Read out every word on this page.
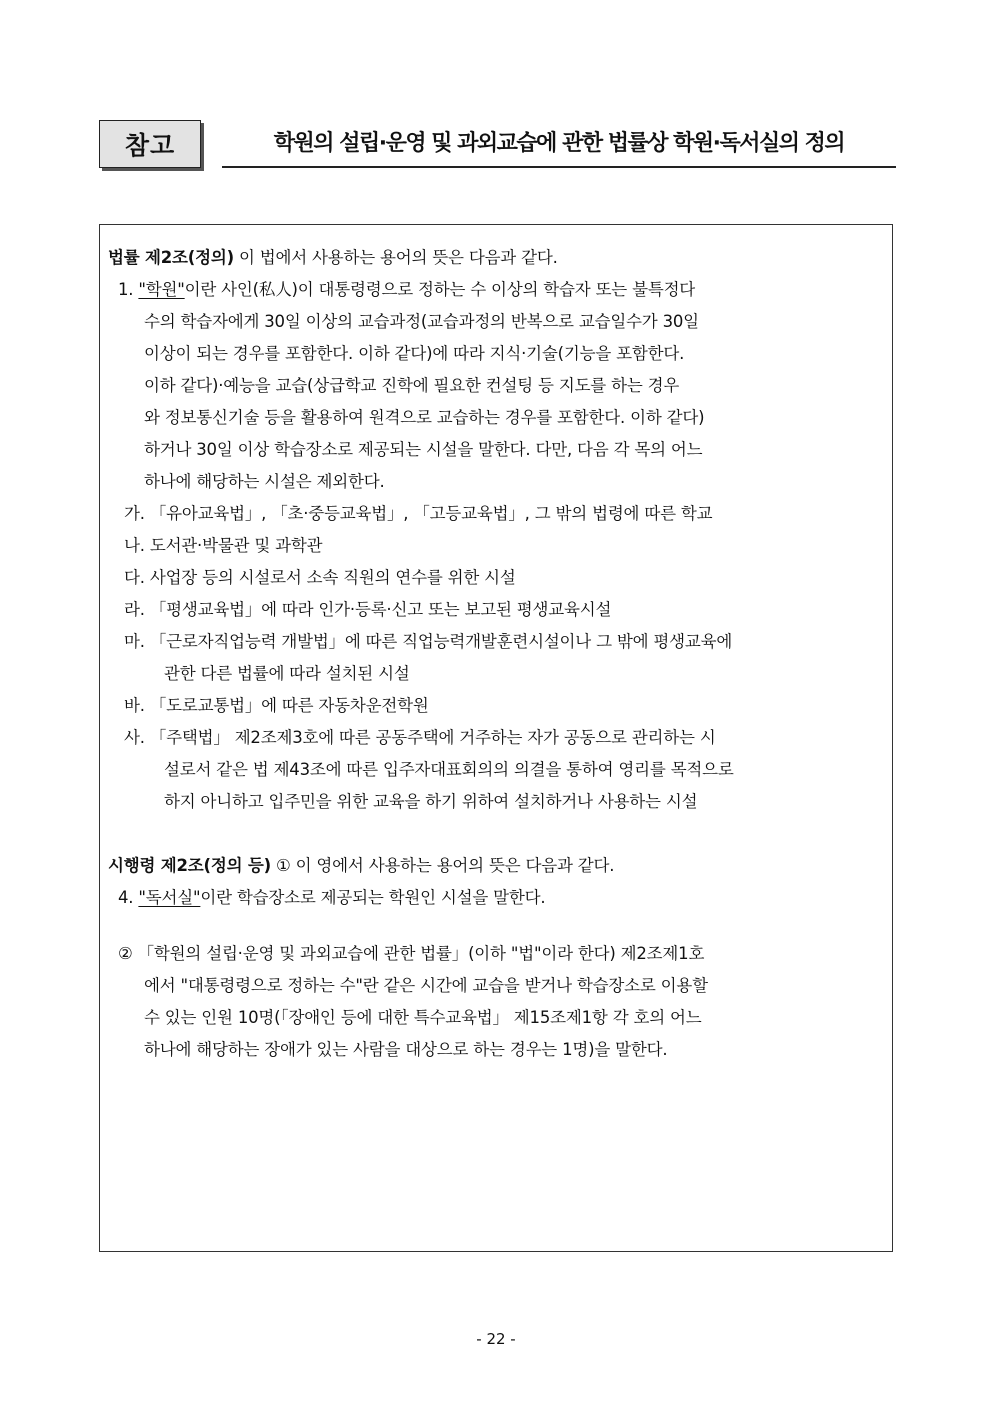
참고	학원의 설립·운영 및 과외교습에 관한 법률상 학원·독서실의 정의
법률 제2조(정의) 이 법에서 사용하는 용어의 뜻은 다음과 같다.
1. "학원"이란 사인(私人)이 대통령령으로 정하는 수 이상의 학습자 또는 불특정다
수의 학습자에게 30일 이상의 교습과정(교습과정의 반복으로 교습일수가 30일
이상이 되는 경우를 포함한다. 이하 같다)에 따라 지식·기술(기능을 포함한다.
이하 같다)·예능을 교습(상급학교 진학에 필요한 컨설팅 등 지도를 하는 경우
와 정보통신기술 등을 활용하여 원격으로 교습하는 경우를 포함한다. 이하 같다)
하거나 30일 이상 학습장소로 제공되는 시설을 말한다. 다만, 다음 각 목의 어느
하나에 해당하는 시설은 제외한다.
가. 「유아교육법」, 「초·중등교육법」, 「고등교육법」, 그 밖의 법령에 따른 학교
나. 도서관·박물관 및 과학관
다. 사업장 등의 시설로서 소속 직원의 연수를 위한 시설
라. 「평생교육법」에 따라 인가·등록·신고 또는 보고된 평생교육시설
마. 「근로자직업능력 개발법」에 따른 직업능력개발훈련시설이나 그 밖에 평생교육에
관한 다른 법률에 따라 설치된 시설
바. 「도로교통법」에 따른 자동차운전학원
사. 「주택법」 제2조제3호에 따른 공동주택에 거주하는 자가 공동으로 관리하는 시
설로서 같은 법 제43조에 따른 입주자대표회의의 의결을 통하여 영리를 목적으로
하지 아니하고 입주민을 위한 교육을 하기 위하여 설치하거나 사용하는 시설
시행령 제2조(정의 등) ① 이 영에서 사용하는 용어의 뜻은 다음과 같다.
4. "독서실"이란 학습장소로 제공되는 학원인 시설을 말한다.
② 「학원의 설립·운영 및 과외교습에 관한 법률」(이하 "법"이라 한다) 제2조제1호
에서 "대통령령으로 정하는 수"란 같은 시간에 교습을 받거나 학습장소로 이용할
수 있는 인원 10명(「장애인 등에 대한 특수교육법」 제15조제1항 각 호의 어느
하나에 해당하는 장애가 있는 사람을 대상으로 하는 경우는 1명)을 말한다.
- 22 -
